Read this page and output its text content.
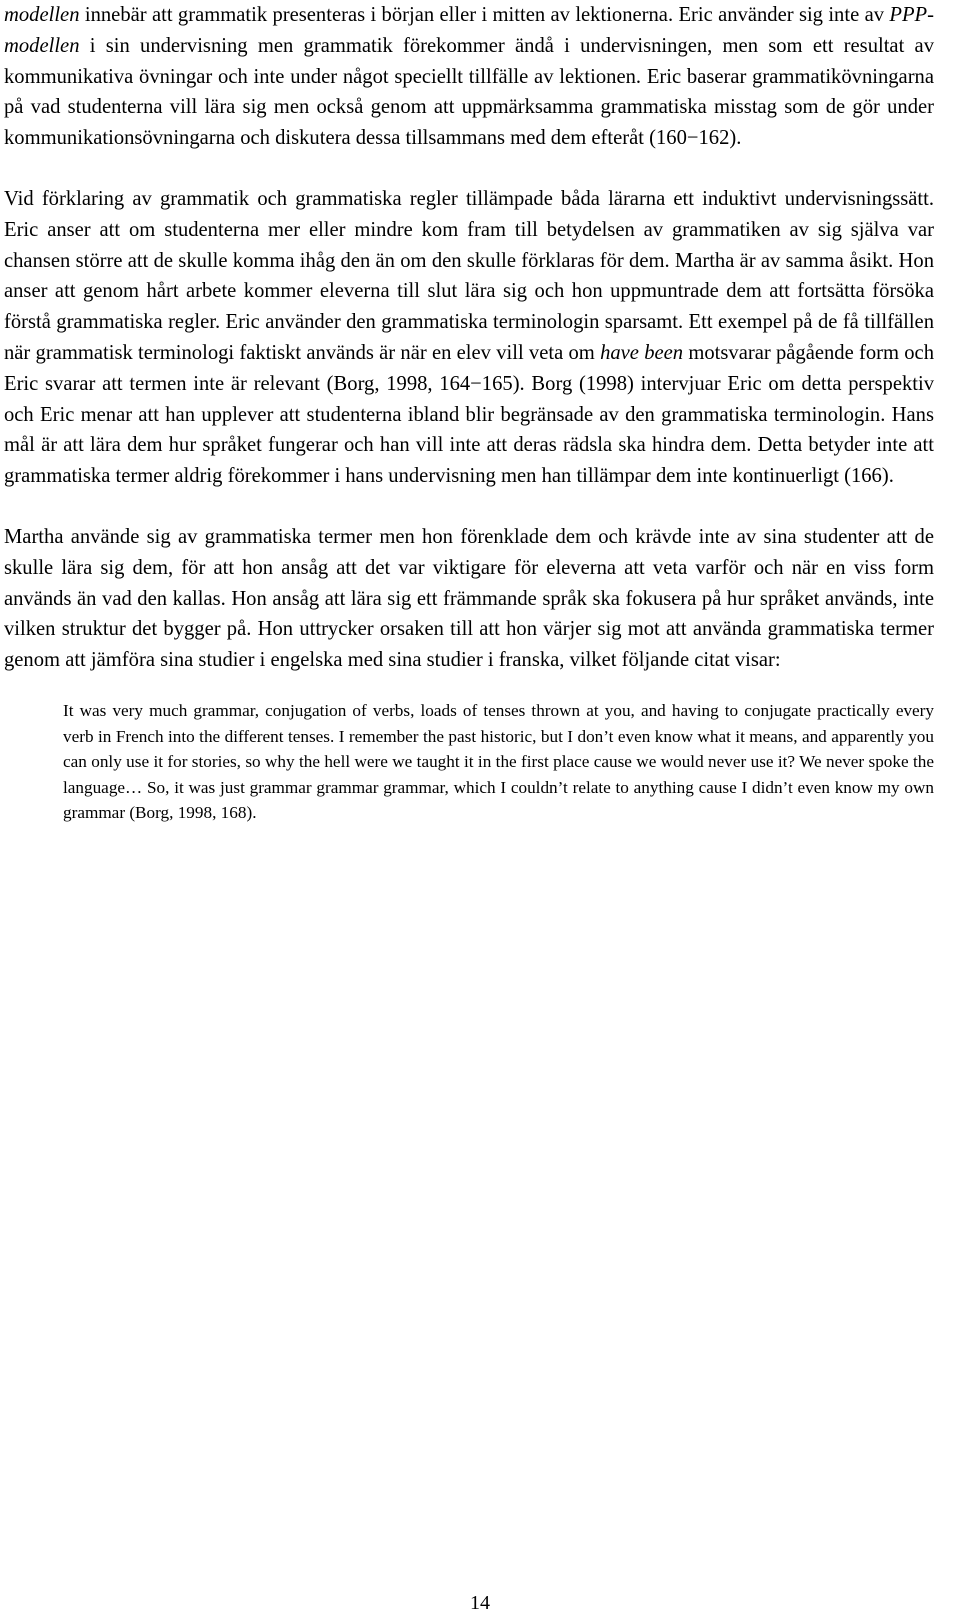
modellen innebär att grammatik presenteras i början eller i mitten av lektionerna. Eric använder sig inte av PPP-modellen i sin undervisning men grammatik förekommer ändå i undervisningen, men som ett resultat av kommunikativa övningar och inte under något speciellt tillfälle av lektionen. Eric baserar grammatikövningarna på vad studenterna vill lära sig men också genom att uppmärksamma grammatiska misstag som de gör under kommunikationsövningarna och diskutera dessa tillsammans med dem efteråt (160−162).

Vid förklaring av grammatik och grammatiska regler tillämpade båda lärarna ett induktivt undervisningssätt. Eric anser att om studenterna mer eller mindre kom fram till betydelsen av grammatiken av sig själva var chansen större att de skulle komma ihåg den än om den skulle förklaras för dem. Martha är av samma åsikt. Hon anser att genom hårt arbete kommer eleverna till slut lära sig och hon uppmuntrade dem att fortsätta försöka förstå grammatiska regler. Eric använder den grammatiska terminologin sparsamt. Ett exempel på de få tillfällen när grammatisk terminologi faktiskt används är när en elev vill veta om have been motsvarar pågående form och Eric svarar att termen inte är relevant (Borg, 1998, 164−165). Borg (1998) intervjuar Eric om detta perspektiv och Eric menar att han upplever att studenterna ibland blir begränsade av den grammatiska terminologin. Hans mål är att lära dem hur språket fungerar och han vill inte att deras rädsla ska hindra dem. Detta betyder inte att grammatiska termer aldrig förekommer i hans undervisning men han tillämpar dem inte kontinuerligt (166).

Martha använde sig av grammatiska termer men hon förenklade dem och krävde inte av sina studenter att de skulle lära sig dem, för att hon ansåg att det var viktigare för eleverna att veta varför och när en viss form används än vad den kallas. Hon ansåg att lära sig ett främmande språk ska fokusera på hur språket används, inte vilken struktur det bygger på. Hon uttrycker orsaken till att hon värjer sig mot att använda grammatiska termer genom att jämföra sina studier i engelska med sina studier i franska, vilket följande citat visar:

It was very much grammar, conjugation of verbs, loads of tenses thrown at you, and having to conjugate practically every verb in French into the different tenses. I remember the past historic, but I don’t even know what it means, and apparently you can only use it for stories, so why the hell were we taught it in the first place cause we would never use it? We never spoke the language… So, it was just grammar grammar grammar, which I couldn’t relate to anything cause I didn’t even know my own grammar (Borg, 1998, 168).

14
